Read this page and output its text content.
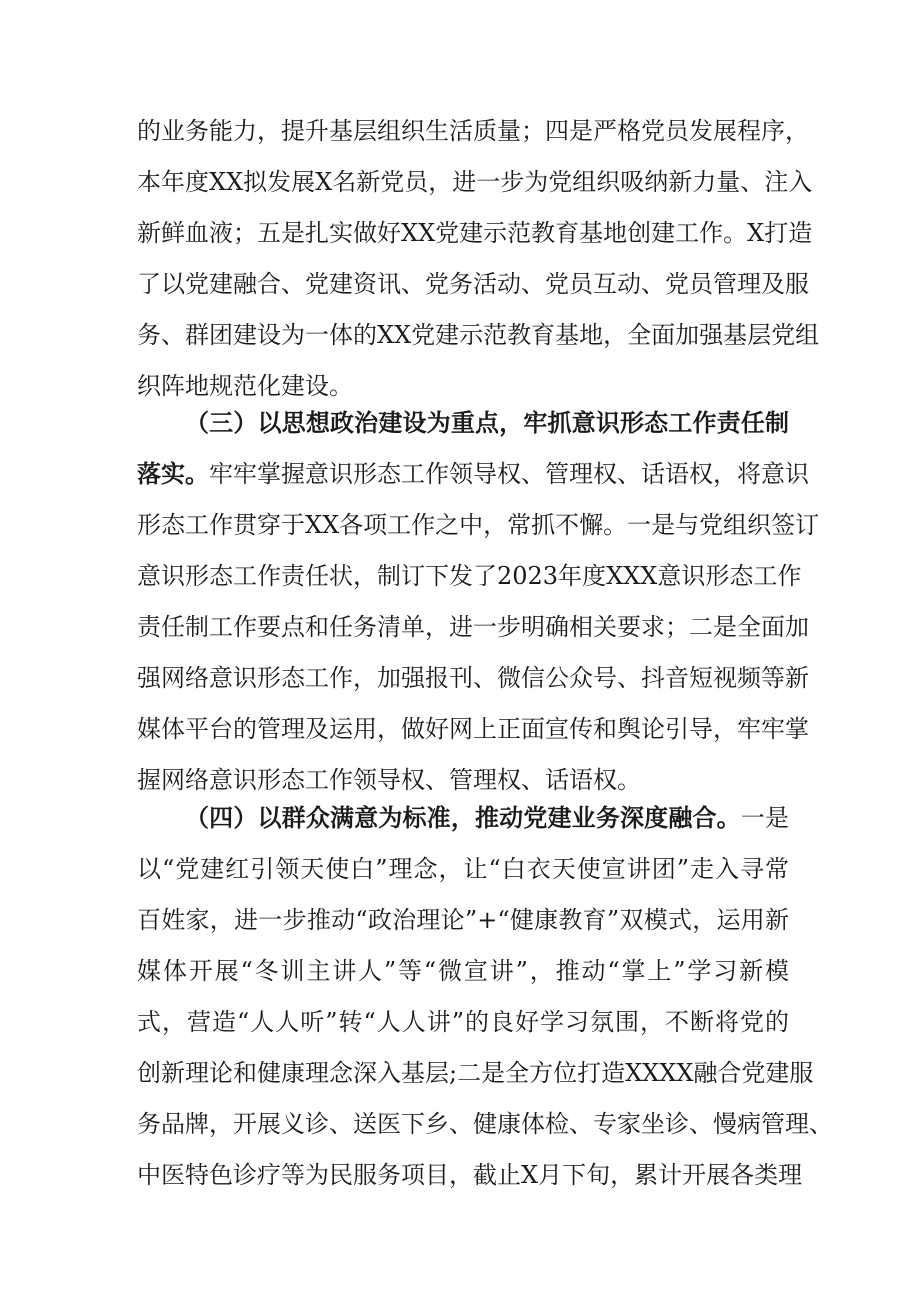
的业务能力，提升基层组织生活质量；四是严格党员发展程序，
本年度XX拟发展X名新党员，进一步为党组织吸纳新力量、注入
新鲜血液；五是扎实做好XX党建示范教育基地创建工作。X打造
了以党建融合、党建资讯、党务活动、党员互动、党员管理及服
务、群团建设为一体的XX党建示范教育基地，全面加强基层党组
织阵地规范化建设。
（三）以思想政治建设为重点，牢抓意识形态工作责任制
落实。牢牢掌握意识形态工作领导权、管理权、话语权，将意识
形态工作贯穿于XX各项工作之中，常抓不懈。一是与党组织签订
意识形态工作责任状，制订下发了2023年度XXX意识形态工作
责任制工作要点和任务清单，进一步明确相关要求；二是全面加
强网络意识形态工作，加强报刊、微信公众号、抖音短视频等新
媒体平台的管理及运用，做好网上正面宣传和舆论引导，牢牢掌
握网络意识形态工作领导权、管理权、话语权。
（四）以群众满意为标准，推动党建业务深度融合。一是
以“党建红引领天使白”理念，让“白衣天使宣讲团”走入寻常
百姓家，进一步推动“政治理论”+“健康教育”双模式，运用新
媒体开展“冬训主讲人”等“微宣讲”，推动“掌上”学习新模
式，营造“人人听”转“人人讲”的良好学习氛围，不断将党的
创新理论和健康理念深入基层;二是全方位打造XXXX融合党建服
务品牌，开展义诊、送医下乡、健康体检、专家坐诊、慢病管理、
中医特色诊疗等为民服务项目，截止X月下旬，累计开展各类理
